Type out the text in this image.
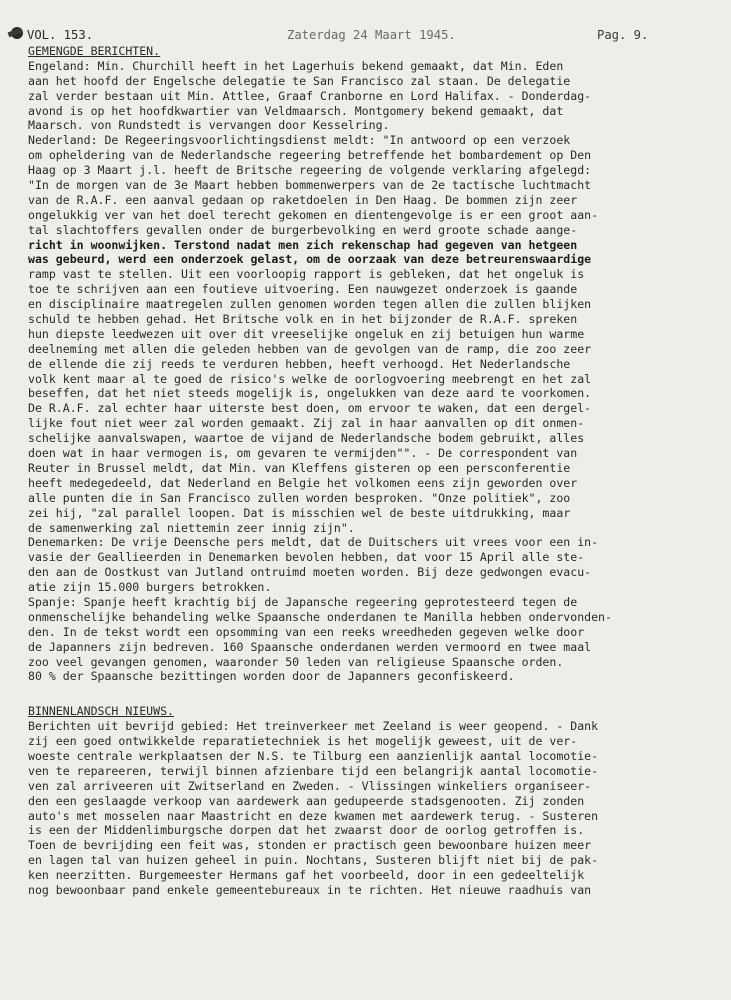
VOL. 153.	Zaterdag 24 Maart 1945.	Pag. 9.
GEMENGDE BERICHTEN.
Engeland: Min. Churchill heeft in het Lagerhuis bekend gemaakt, dat Min. Eden
aan het hoofd der Engelsche delegatie te San Francisco zal staan. De delegatie
zal verder bestaan uit Min. Attlee, Graaf Cranborne en Lord Halifax. - Donderdag-
avond is op het hoofdkwartier van Veldmaarsch. Montgomery bekend gemaakt, dat
Maarsch. von Rundstedt is vervangen door Kesselring.
Nederland: De Regeeringsvoorlichtingsdienst meldt: "In antwoord op een verzoek
om opheldering van de Nederlandsche regeering betreffende het bombardement op Den
Haag op 3 Maart j.l. heeft de Britsche regeering de volgende verklaring afgelegd:
"In de morgen van de 3e Maart hebben bommenwerpers van de 2e tactische luchtmacht
van de R.A.F. een aanval gedaan op raketdoelen in Den Haag. De bommen zijn zeer
ongelukkig ver van het doel terecht gekomen en dientengevolge is er een groot aan-
tal slachtoffers gevallen onder de burgerbevolking en werd groote schade aange-
richt in woonwijken. Terstond nadat men zich rekenschap had gegeven van hetgeen
was gebeurd, werd een onderzoek gelast, om de oorzaak van deze betreurenswaardige
ramp vast te stellen. Uit een voorloopig rapport is gebleken, dat het ongeluk is
toe te schrijven aan een foutieve uitvoering. Een nauwgezet onderzoek is gaande
en disciplinaire maatregelen zullen genomen worden tegen allen die zullen blijken
schuld te hebben gehad. Het Britsche volk en in het bijzonder de R.A.F. spreken
hun diepste leedwezen uit over dit vreeselijke ongeluk en zij betuigen hun warme
deelneming met allen die geleden hebben van de gevolgen van de ramp, die zoo zeer
de ellende die zij reeds te verduren hebben, heeft verhoogd. Het Nederlandsche
volk kent maar al te goed de risico's welke de oorlogvoering meebrengt en het zal
beseffen, dat het niet steeds mogelijk is, ongelukken van deze aard te voorkomen.
De R.A.F. zal echter haar uiterste best doen, om ervoor te waken, dat een dergel-
lijke fout niet weer zal worden gemaakt. Zij zal in haar aanvallen op dit onmen-
schelijke aanvalswapen, waartoe de vijand de Nederlandsche bodem gebruikt, alles
doen wat in haar vermogen is, om gevaren te vermijden"". - De correspondent van
Reuter in Brussel meldt, dat Min. van Kleffens gisteren op een persconferentie
heeft medegedeeld, dat Nederland en Belgie het volkomen eens zijn geworden over
alle punten die in San Francisco zullen worden besproken. "Onze politiek", zoo
zei hij, "zal parallel loopen. Dat is misschien wel de beste uitdrukking, maar
de samenwerking zal niettemin zeer innig zijn".
Denemarken: De vrije Deensche pers meldt, dat de Duitschers uit vrees voor een in-
vasie der Geallieerden in Denemarken bevolen hebben, dat voor 15 April alle ste-
den aan de Oostkust van Jutland ontruimd moeten worden. Bij deze gedwongen evacu-
atie zijn 15.000 burgers betrokken.
Spanje: Spanje heeft krachtig bij de Japansche regeering geprotesteerd tegen de
onmenschelijke behandeling welke Spaansche onderdanen te Manilla hebben ondervonden-
den. In de tekst wordt een opsomming van een reeks wreedheden gegeven welke door
de Japanners zijn bedreven. 160 Spaansche onderdanen werden vermoord en twee maal
zoo veel gevangen genomen, waaronder 50 leden van religieuse Spaansche orden.
80 % der Spaansche bezittingen worden door de Japanners geconfiskeerd.
BINNENLANDSCH NIEUWS.
Berichten uit bevrijd gebied: Het treinverkeer met Zeeland is weer geopend. - Dank
zij een goed ontwikkelde reparatietechniek is het mogelijk geweest, uit de ver-
woeste centrale werkplaatsen der N.S. te Tilburg een aanzienlijk aantal locomotie-
ven te repareeren, terwijl binnen afzienbare tijd een belangrijk aantal locomotie-
ven zal arriveeren uit Zwitserland en Zweden. - Vlissingen winkeliers organiseer-
den een geslaagde verkoop van aardewerk aan gedupeerde stadsgenooten. Zij zonden
auto's met mosselen naar Maastricht en deze kwamen met aardewerk terug. - Susteren
is een der Middenlimburgsche dorpen dat het zwaarst door de oorlog getroffen is.
Toen de bevrijding een feit was, stonden er practisch geen bewoonbare huizen meer
en lagen tal van huizen geheel in puin. Nochtans, Susteren blijft niet bij de pak-
ken neerzitten. Burgemeester Hermans gaf het voorbeeld, door in een gedeeltelijk
nog bewoonbaar pand enkele gemeentebureaux in te richten. Het nieuwe raadhuis van
